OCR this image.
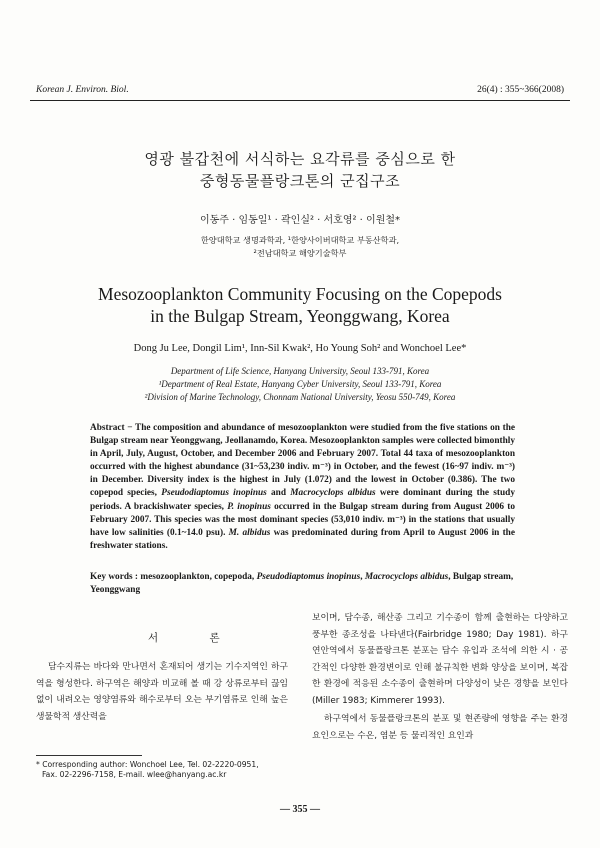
Korean J. Environ. Biol.	26(4) : 355~366(2008)
영광 불갑천에 서식하는 요각류를 중심으로 한
중형동물플랑크톤의 군집구조
이동주 · 임동일¹ · 곽인실² · 서호영² · 이원철*
한양대학교 생명과학과, ¹한양사이버대학교 부동산학과,
²전남대학교 해양기술학부
Mesozooplankton Community Focusing on the Copepods
in the Bulgap Stream, Yeonggwang, Korea
Dong Ju Lee, Dongil Lim¹, Inn-Sil Kwak², Ho Young Soh² and Wonchoel Lee*
Department of Life Science, Hanyang University, Seoul 133-791, Korea
¹Department of Real Estate, Hanyang Cyber University, Seoul 133-791, Korea
²Division of Marine Technology, Chonnam National University, Yeosu 550-749, Korea
Abstract − The composition and abundance of mesozooplankton were studied from the five stations on the Bulgap stream near Yeonggwang, Jeollanamdo, Korea. Mesozooplankton samples were collected bimonthly in April, July, August, October, and December 2006 and February 2007. Total 44 taxa of mesozooplankton occurred with the highest abundance (31~53,230 indiv. m⁻³) in October, and the fewest (16~97 indiv. m⁻³) in December. Diversity index is the highest in July (1.072) and the lowest in October (0.386). The two copepod species, Pseudodiaptomus inopinus and Macrocyclops albidus were dominant during the study periods. A brackishwater species, P. inopinus occurred in the Bulgap stream during from August 2006 to February 2007. This species was the most dominant species (53,010 indiv. m⁻³) in the stations that usually have low salinities (0.1~14.0 psu). M. albidus was predominated during from April to August 2006 in the freshwater stations.
Key words : mesozooplankton, copepoda, Pseudodiaptomus inopinus, Macrocyclops albidus, Bulgap stream, Yeonggwang
서 론
담수지류는 바다와 만나면서 혼재되어 생기는 기수지역인 하구역을 형성한다. 하구역은 해양과 비교해 볼 때 강 상류로부터 끊임없이 내려오는 영양염류와 해수로부터 오는 부기염류로 인해 높은 생물학적 생산력을
* Corresponding author: Wonchoel Lee, Tel. 02-2220-0951,
Fax. 02-2296-7158, E-mail. wlee@hanyang.ac.kr

보이며, 담수종, 해산종 그리고 기수종이 함께 출현하는 다양하고 풍부한 종조성을 나타낸다(Fairbridge 1980; Day 1981). 하구 연안역에서 동물플랑크톤 분포는 담수 유입과 조석에 의한 시 · 공간적인 다양한 환경변이로 인해 불규칙한 변화 양상을 보이며, 복잡한 환경에 적응된 소수종이 출현하며 다양성이 낮은 경향을 보인다(Miller 1983; Kimmerer 1993).

하구역에서 동물플랑크톤의 분포 및 현존량에 영향을 주는 환경 요인으로는 수온, 염분 등 물리적인 요인과

— 355 —
